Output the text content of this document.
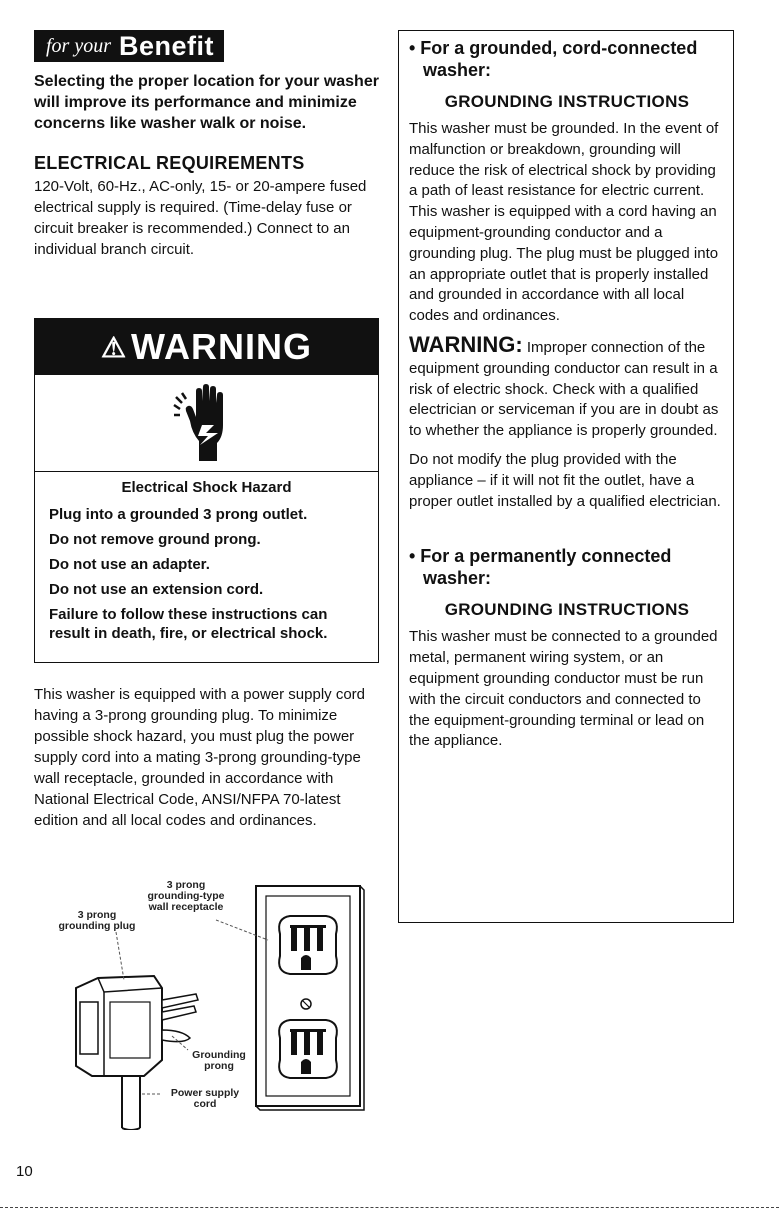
for your Benefit

Selecting the proper location for your washer will improve its performance and minimize concerns like washer walk or noise.

ELECTRICAL REQUIREMENTS

120-Volt, 60-Hz., AC-only, 15- or 20-ampere fused electrical supply is required. (Time-delay fuse or circuit breaker is recommended.) Connect to an individual branch circuit.

⚠ WARNING

Electrical Shock Hazard

Plug into a grounded 3 prong outlet.

Do not remove ground prong.

Do not use an adapter.

Do not use an extension cord.

Failure to follow these instructions can result in death, fire, or electrical shock.

This washer is equipped with a power supply cord having a 3-prong grounding plug. To minimize possible shock hazard, you must plug the power supply cord into a mating 3-prong grounding-type wall receptacle, grounded in accordance with National Electrical Code, ANSI/NFPA 70-latest edition and all local codes and ordinances.

3 prong grounding-type wall receptacle
3 prong grounding plug
Grounding prong
Power supply cord
10

• For a grounded, cord-connected washer:

GROUNDING INSTRUCTIONS

This washer must be grounded. In the event of malfunction or breakdown, grounding will reduce the risk of electrical shock by providing a path of least resistance for electric current. This washer is equipped with a cord having an equipment-grounding conductor and a grounding plug. The plug must be plugged into an appropriate outlet that is properly installed and grounded in accordance with all local codes and ordinances.

WARNING: Improper connection of the equipment grounding conductor can result in a risk of electric shock. Check with a qualified electrician or serviceman if you are in doubt as to whether the appliance is properly grounded.

Do not modify the plug provided with the appliance – if it will not fit the outlet, have a proper outlet installed by a qualified electrician.

• For a permanently connected washer:

GROUNDING INSTRUCTIONS

This washer must be connected to a grounded metal, permanent wiring system, or an equipment grounding conductor must be run with the circuit conductors and connected to the equipment-grounding terminal or lead on the appliance.
